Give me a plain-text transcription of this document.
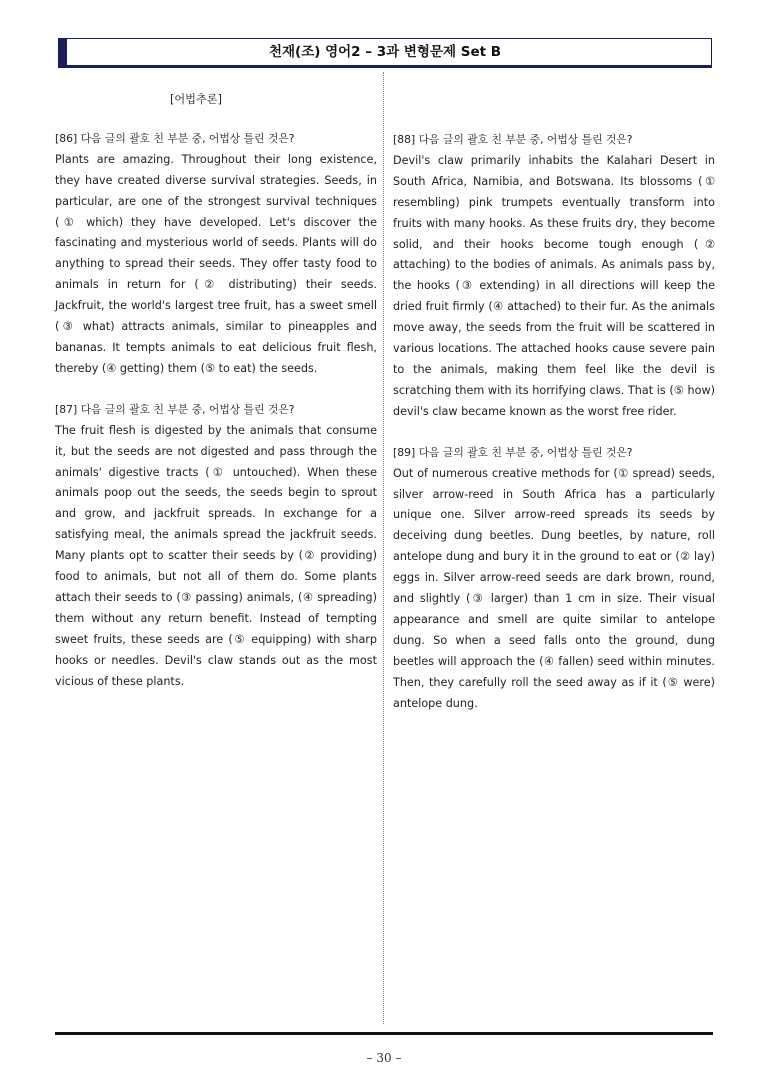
천재(조) 영어2 – 3과 변형문제 Set B
[어법추론]
[86] 다음 글의 괄호 친 부분 중, 어법상 틀린 것은?
Plants are amazing. Throughout their long existence, they have created diverse survival strategies. Seeds, in particular, are one of the strongest survival techniques (① which) they have developed. Let's discover the fascinating and mysterious world of seeds. Plants will do anything to spread their seeds. They offer tasty food to animals in return for (② distributing) their seeds. Jackfruit, the world's largest tree fruit, has a sweet smell (③ what) attracts animals, similar to pineapples and bananas. It tempts animals to eat delicious fruit flesh, thereby (④ getting) them (⑤ to eat) the seeds.
[87] 다음 글의 괄호 친 부분 중, 어법상 틀린 것은?
The fruit flesh is digested by the animals that consume it, but the seeds are not digested and pass through the animals' digestive tracts (① untouched). When these animals poop out the seeds, the seeds begin to sprout and grow, and jackfruit spreads. In exchange for a satisfying meal, the animals spread the jackfruit seeds. Many plants opt to scatter their seeds by (② providing) food to animals, but not all of them do. Some plants attach their seeds to (③ passing) animals, (④ spreading) them without any return benefit. Instead of tempting sweet fruits, these seeds are (⑤ equipping) with sharp hooks or needles. Devil's claw stands out as the most vicious of these plants.
[88] 다음 글의 괄호 친 부분 중, 어법상 틀린 것은?
Devil's claw primarily inhabits the Kalahari Desert in South Africa, Namibia, and Botswana. Its blossoms (① resembling) pink trumpets eventually transform into fruits with many hooks. As these fruits dry, they become solid, and their hooks become tough enough (② attaching) to the bodies of animals. As animals pass by, the hooks (③ extending) in all directions will keep the dried fruit firmly (④ attached) to their fur. As the animals move away, the seeds from the fruit will be scattered in various locations. The attached hooks cause severe pain to the animals, making them feel like the devil is scratching them with its horrifying claws. That is (⑤ how) devil's claw became known as the worst free rider.
[89] 다음 글의 괄호 친 부분 중, 어법상 틀린 것은?
Out of numerous creative methods for (① spread) seeds, silver arrow-reed in South Africa has a particularly unique one. Silver arrow-reed spreads its seeds by deceiving dung beetles. Dung beetles, by nature, roll antelope dung and bury it in the ground to eat or (② lay) eggs in. Silver arrow-reed seeds are dark brown, round, and slightly (③ larger) than 1 cm in size. Their visual appearance and smell are quite similar to antelope dung. So when a seed falls onto the ground, dung beetles will approach the (④ fallen) seed within minutes. Then, they carefully roll the seed away as if it (⑤ were) antelope dung.
– 30 –
